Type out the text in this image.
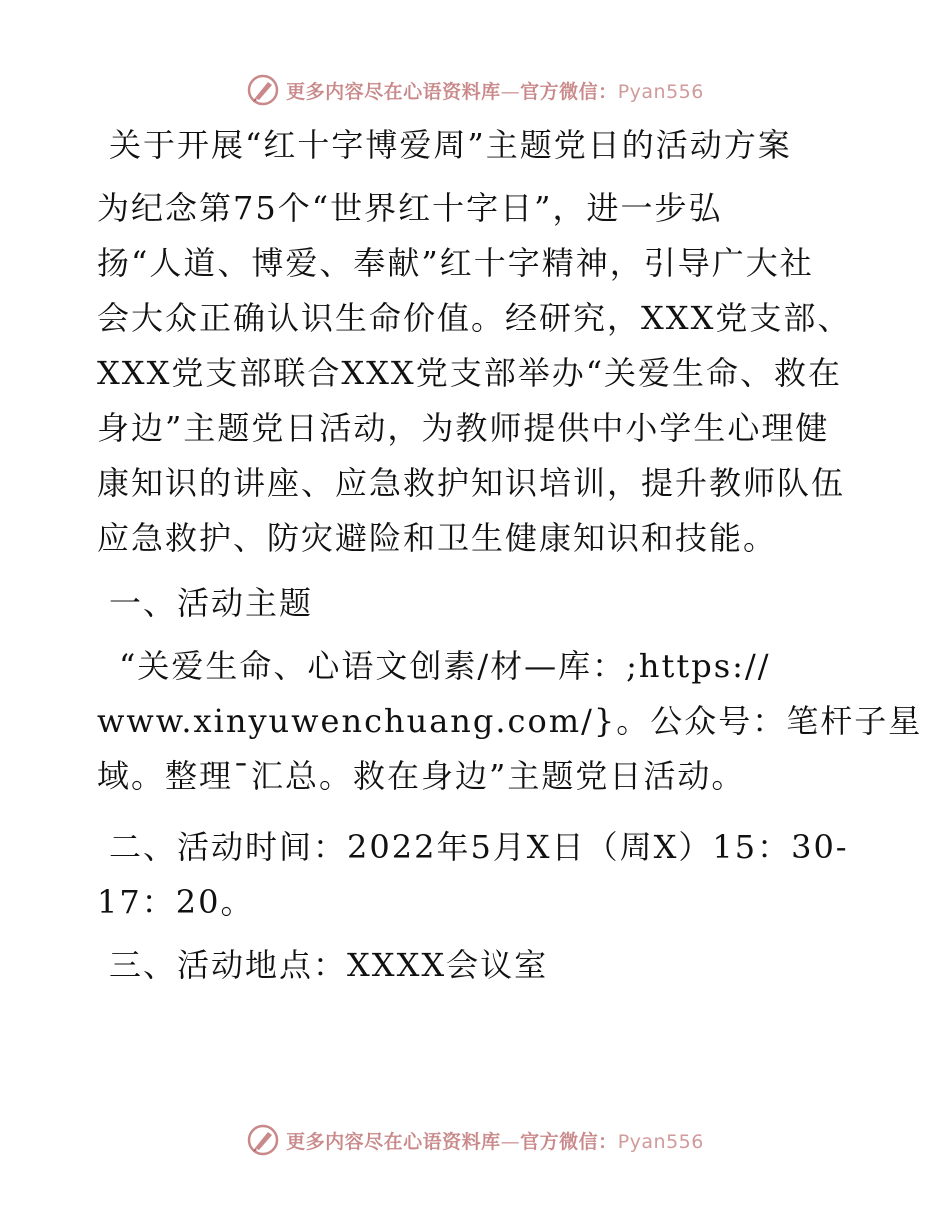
更多内容尽在心语资料库—官方微信：Pyan556
关于开展“红十字博爱周”主题党日的活动方案

为纪念第75个“世界红十字日”，进一步弘
扬“人道、博爱、奉献”红十字精神，引导广大社
会大众正确认识生命价值。经研究，XXX党支部、
XXX党支部联合XXX党支部举办“关爱生命、救在
身边”主题党日活动，为教师提供中小学生心理健
康知识的讲座、应急救护知识培训，提升教师队伍
应急救护、防灾避险和卫生健康知识和技能。

一、活动主题

“关爱生命、心语文创素/材—库：;https://
www.xinyuwenchuang.com/}。公众号：笔杆子星
域。整理¯汇总。救在身边”主题党日活动。

二、活动时间：2022年5月X日（周X）15：30-
17：20。

三、活动地点：XXXX会议室

更多内容尽在心语资料库—官方微信：Pyan556
